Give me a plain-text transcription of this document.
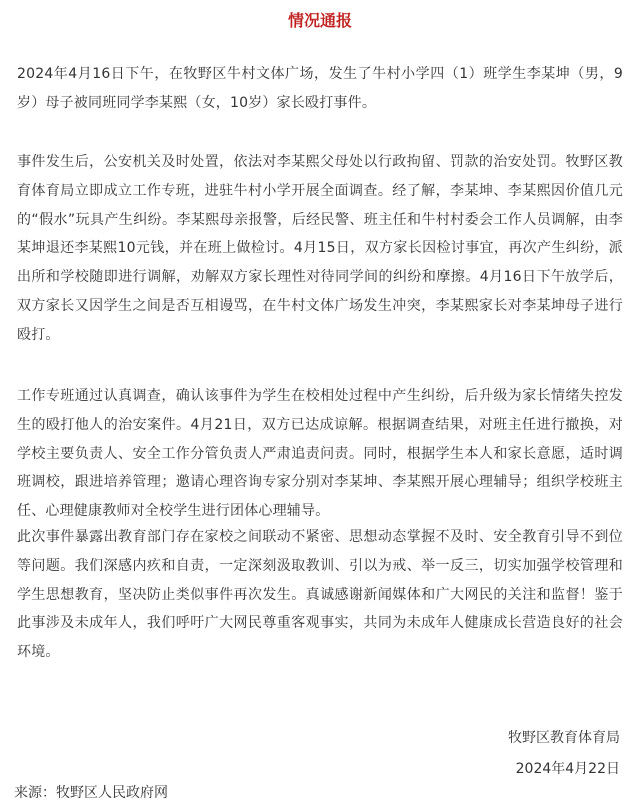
情况通报

2024年4月16日下午，在牧野区牛村文体广场，发生了牛村小学四（1）班学生李某坤（男，9岁）母子被同班同学李某熙（女，10岁）家长殴打事件。

事件发生后，公安机关及时处置，依法对李某熙父母处以行政拘留、罚款的治安处罚。牧野区教育体育局立即成立工作专班，进驻牛村小学开展全面调查。经了解，李某坤、李某熙因价值几元的“假水”玩具产生纠纷。李某熙母亲报警，后经民警、班主任和牛村村委会工作人员调解，由李某坤退还李某熙10元钱，并在班上做检讨。4月15日，双方家长因检讨事宜，再次产生纠纷，派出所和学校随即进行调解，劝解双方家长理性对待同学间的纠纷和摩擦。4月16日下午放学后，双方家长又因学生之间是否互相谩骂，在牛村文体广场发生冲突，李某熙家长对李某坤母子进行殴打。

工作专班通过认真调查，确认该事件为学生在校相处过程中产生纠纷，后升级为家长情绪失控发生的殴打他人的治安案件。4月21日，双方已达成谅解。根据调查结果，对班主任进行撤换，对学校主要负责人、安全工作分管负责人严肃追责问责。同时，根据学生本人和家长意愿，适时调班调校，跟进培养管理；邀请心理咨询专家分别对李某坤、李某熙开展心理辅导；组织学校班主任、心理健康教师对全校学生进行团体心理辅导。

此次事件暴露出教育部门存在家校之间联动不紧密、思想动态掌握不及时、安全教育引导不到位等问题。我们深感内疚和自责，一定深刻汲取教训、引以为戒、举一反三，切实加强学校管理和学生思想教育，坚决防止类似事件再次发生。真诚感谢新闻媒体和广大网民的关注和监督！鉴于此事涉及未成年人，我们呼吁广大网民尊重客观事实，共同为未成年人健康成长营造良好的社会环境。

牧野区教育体育局
2024年4月22日
来源：牧野区人民政府网
